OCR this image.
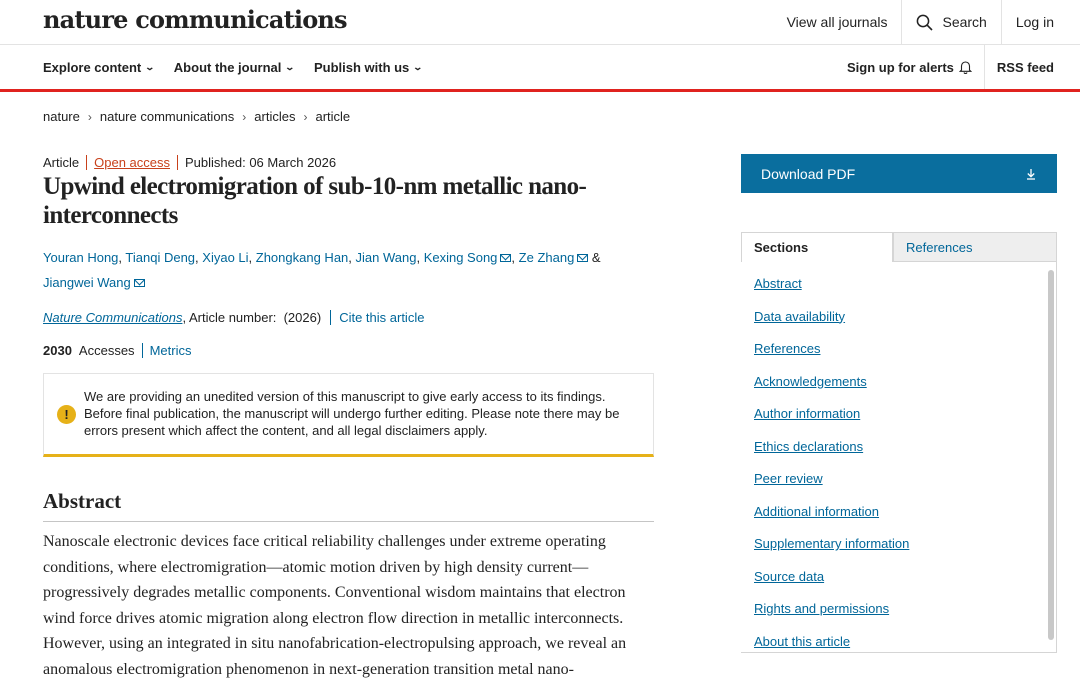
nature communications	View all journals	Search	Log in
Explore content ⌄ About the journal ⌄ Publish with us ⌄	Sign up for alerts	RSS feed
nature › nature communications › articles › article
Article	Open access	Published: 06 March 2026
Upwind electromigration of sub-10-nm metallic nano-interconnects
Youran Hong, Tianqi Deng, Xiyao Li, Zhongkang Han, Jian Wang, Kexing Song , Ze Zhang &
Jiangwei Wang
Nature Communications , Article number:  (2026)	Cite this article
2030 Accesses	Metrics
!
We are providing an unedited version of this manuscript to give early access to its findings. Before final publication, the manuscript will undergo further editing. Please note there may be errors present which affect the content, and all legal disclaimers apply.
Abstract
Nanoscale electronic devices face critical reliability challenges under extreme operating conditions, where electromigration—atomic motion driven by high density current—progressively degrades metallic components. Conventional wisdom maintains that electron wind force drives atomic migration along electron flow direction in metallic interconnects. However, using an integrated in situ nanofabrication-electropulsing approach, we reveal an anomalous electromigration phenomenon in next-generation transition metal nano-
Download PDF
Sections	References
Abstract
Data availability
References
Acknowledgements
Author information
Ethics declarations
Peer review
Additional information
Supplementary information
Source data
Rights and permissions
About this article
